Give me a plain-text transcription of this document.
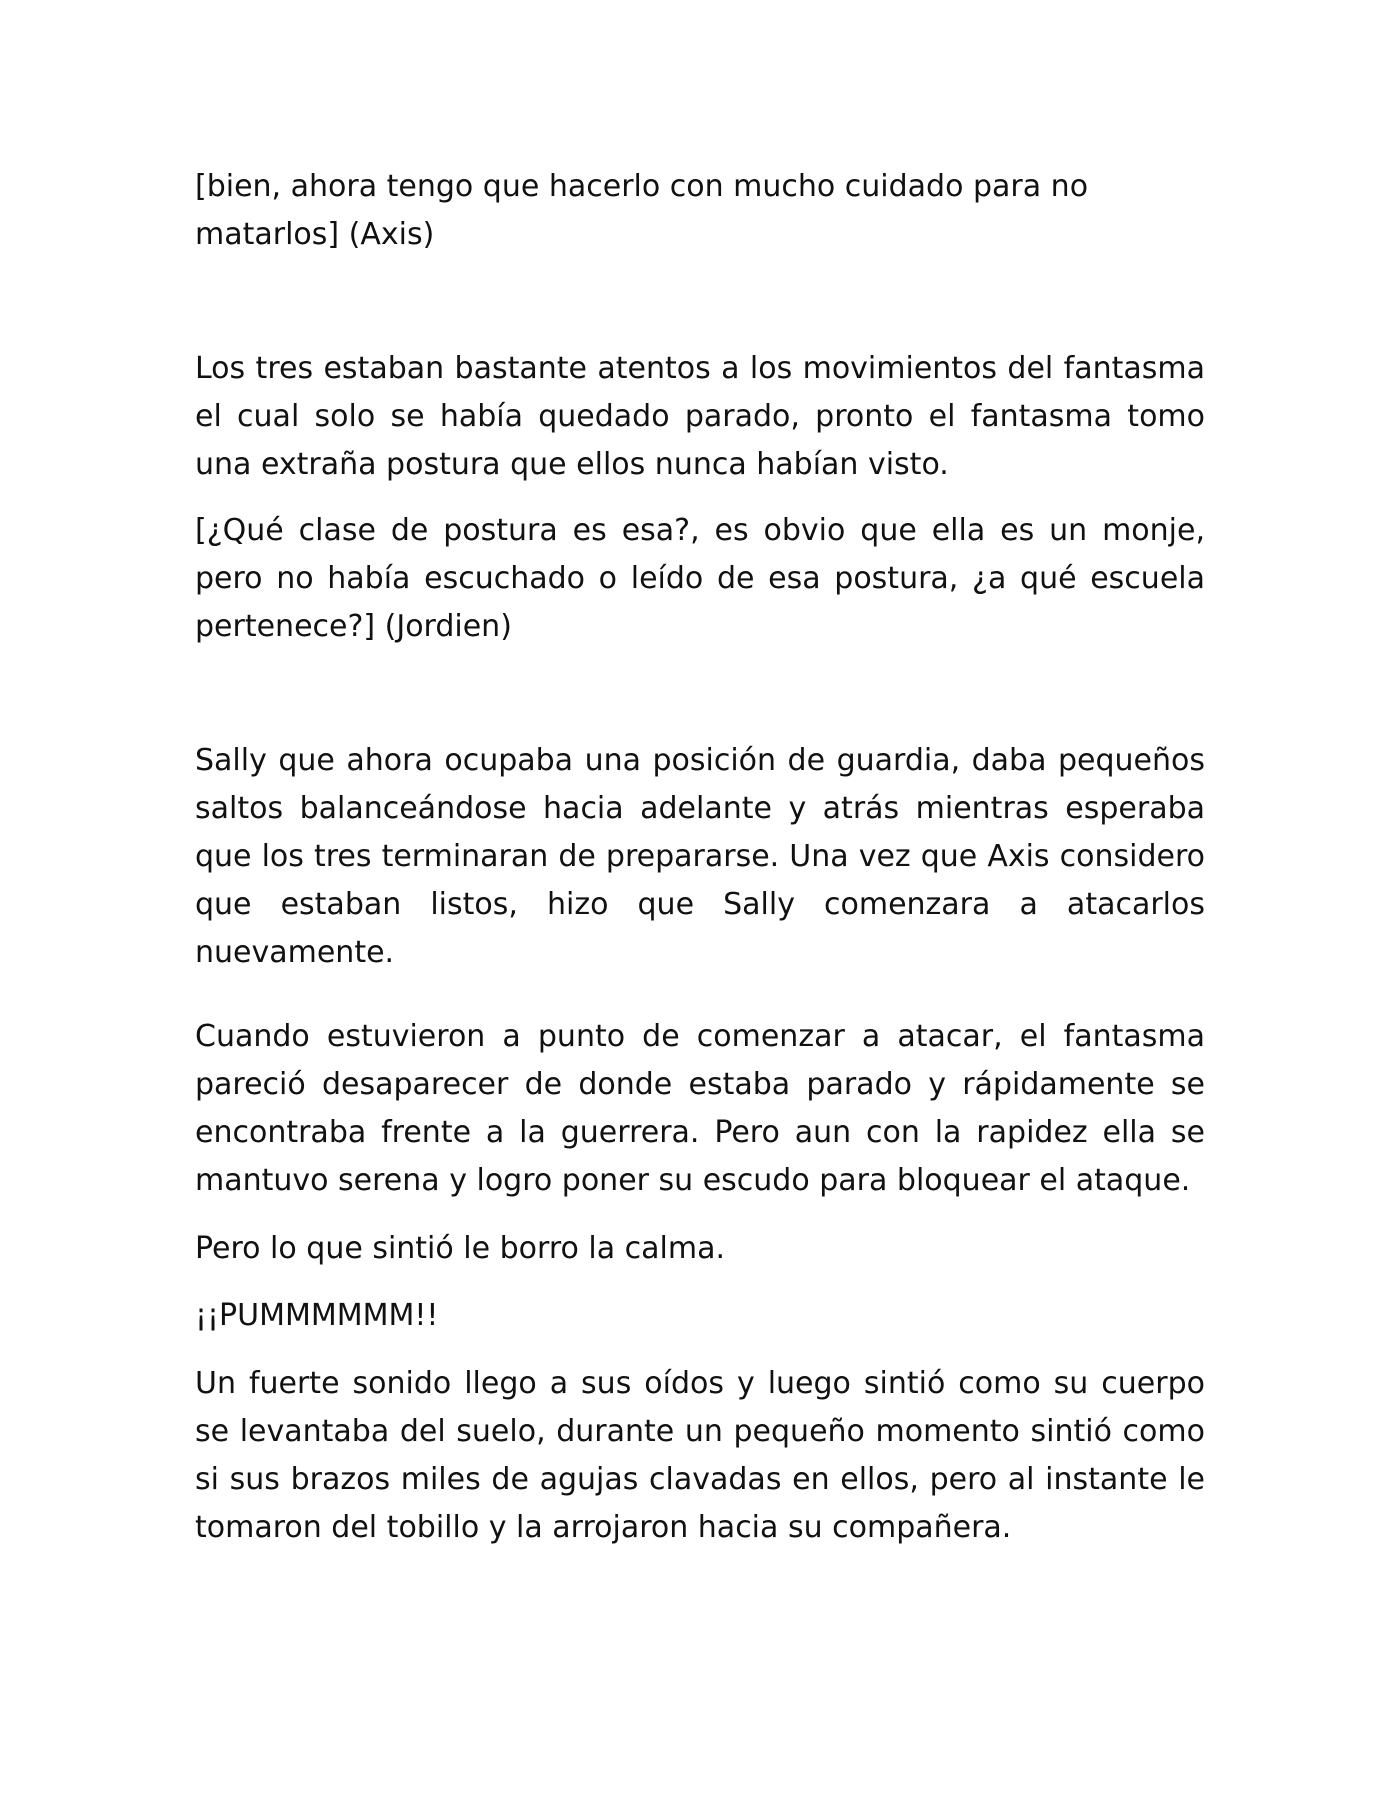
[bien, ahora tengo que hacerlo con mucho cuidado para no matarlos] (Axis)

Los tres estaban bastante atentos a los movimientos del fantasma el cual solo se había quedado parado, pronto el fantasma tomo una extraña postura que ellos nunca habían visto.

[¿Qué clase de postura es esa?, es obvio que ella es un monje, pero no había escuchado o leído de esa postura, ¿a qué escuela pertenece?] (Jordien)

Sally que ahora ocupaba una posición de guardia, daba pequeños saltos balanceándose hacia adelante y atrás mientras esperaba que los tres terminaran de prepararse. Una vez que Axis considero que estaban listos, hizo que Sally comenzara a atacarlos nuevamente.

Cuando estuvieron a punto de comenzar a atacar, el fantasma pareció desaparecer de donde estaba parado y rápidamente se encontraba frente a la guerrera. Pero aun con la rapidez ella se mantuvo serena y logro poner su escudo para bloquear el ataque.

Pero lo que sintió le borro la calma.

¡¡PUMMMMMM!!

Un fuerte sonido llego a sus oídos y luego sintió como su cuerpo se levantaba del suelo, durante un pequeño momento sintió como si sus brazos miles de agujas clavadas en ellos, pero al instante le tomaron del tobillo y la arrojaron hacia su compañera.
